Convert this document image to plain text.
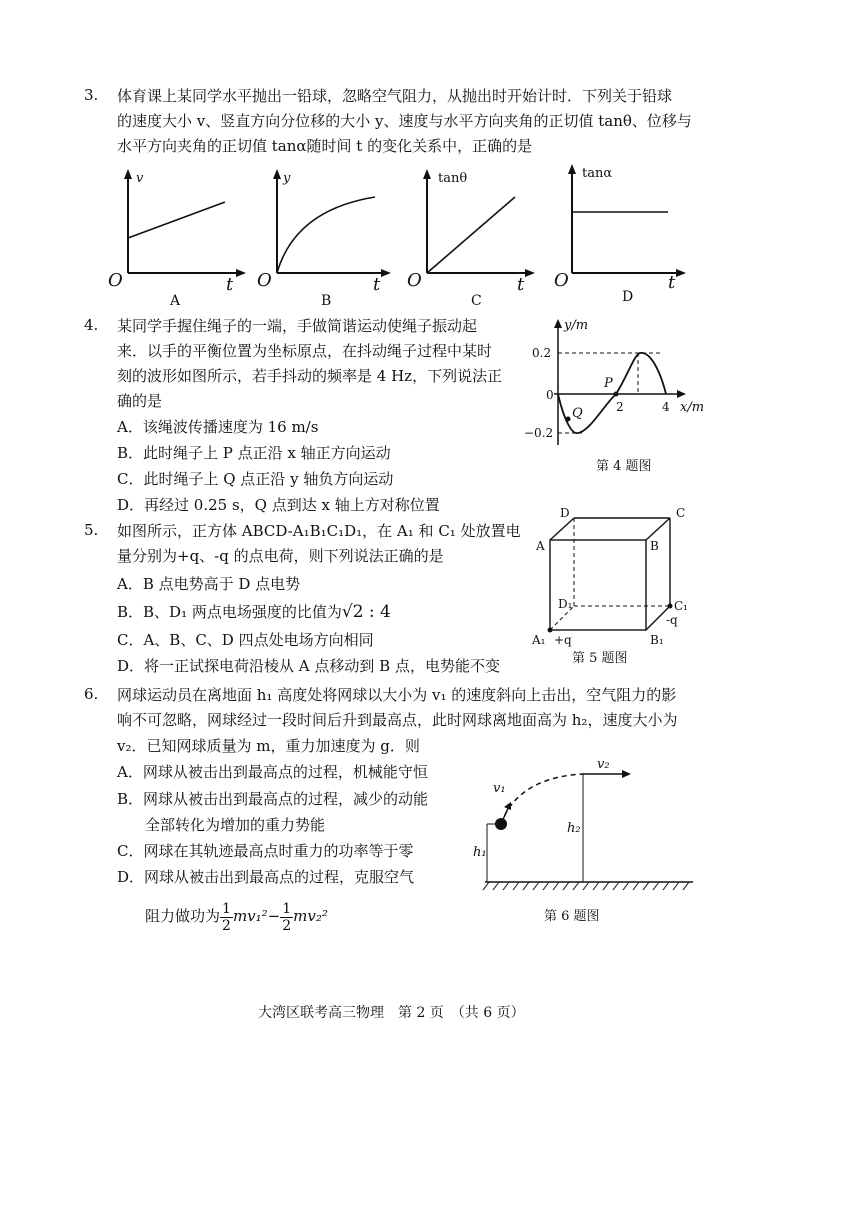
3. 体育课上某同学水平抛出一铅球，忽略空气阻力，从抛出时开始计时．下列关于铅球
的速度大小 v、竖直方向分位移的大小 y、速度与水平方向夹角的正切值 tanθ、位移与
水平方向夹角的正切值 tanα随时间 t 的变化关系中，正确的是
v
O	t
A
y
O	t
B
tanθ
O	t
C
tanα
O	t
D
4. 某同学手握住绳子的一端，手做简谐运动使绳子振动起
来．以手的平衡位置为坐标原点，在抖动绳子过程中某时
刻的波形如图所示，若手抖动的频率是 4 Hz，下列说法正
确的是
A．该绳波传播速度为 16 m/s
B．此时绳子上 P 点正沿 x 轴正方向运动
C．此时绳子上 Q 点正沿 y 轴负方向运动
D．再经过 0.25 s，Q 点到达 x 轴上方对称位置
y/m
x/m
0
0.2
−0.2
2	4
P
Q
第 4 题图
5. 如图所示，正方体 ABCD-A₁B₁C₁D₁，在 A₁ 和 C₁ 处放置电
量分别为+q、-q 的点电荷，则下列说法正确的是
A．B 点电势高于 D 点电势
B．B、D₁ 两点电场强度的比值为√2 : 4
C．A、B、C、D 四点处电场方向相同
D．将一正试探电荷沿棱从 A 点移动到 B 点，电势能不变
D	C
A	B
D₁	C₁
A₁ +q	B₁
-q
第 5 题图
6. 网球运动员在离地面 h₁ 高度处将网球以大小为 v₁ 的速度斜向上击出，空气阻力的影
响不可忽略，网球经过一段时间后升到最高点，此时网球离地面高为 h₂，速度大小为
v₂．已知网球质量为 m，重力加速度为 g．则
A．网球从被击出到最高点的过程，机械能守恒
B．网球从被击出到最高点的过程，减少的动能
全部转化为增加的重力势能
C．网球在其轨迹最高点时重力的功率等于零
D．网球从被击出到最高点的过程，克服空气
阻力做功为 $\frac{1}{2} mv_1^2- \frac{1}{2} mv_2^2$
v₁
v₂
h₁
h₂
第 6 题图
大湾区联考高三物理　第 2 页　（共 6 页）
